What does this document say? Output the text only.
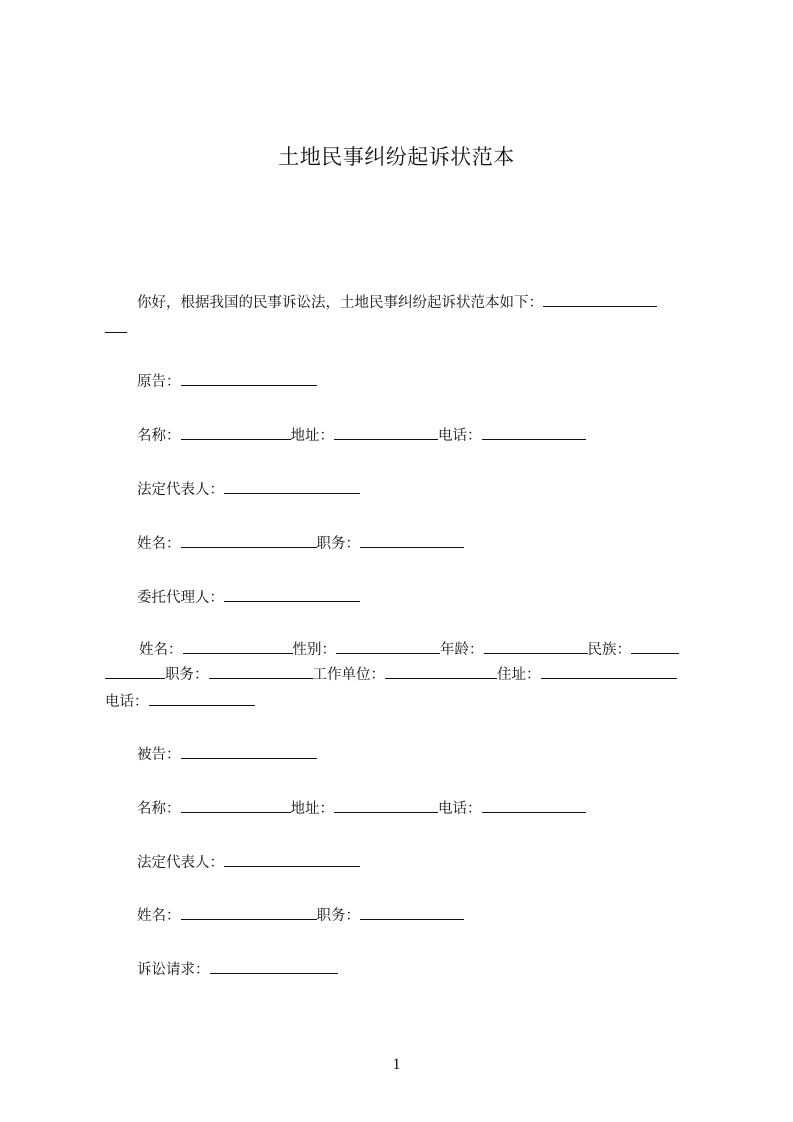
土地民事纠纷起诉状范本
你好，根据我国的民事诉讼法，土地民事纠纷起诉状范本如下：
原告：
名称：	地址：	电话：
法定代表人：
姓名：	职务：
委托代理人：
姓名：	性别：	年龄：	民族：
职务：	工作单位：	住址：
电话：
被告：
名称：	地址：	电话：
法定代表人：
姓名：	职务：
诉讼请求：
1
